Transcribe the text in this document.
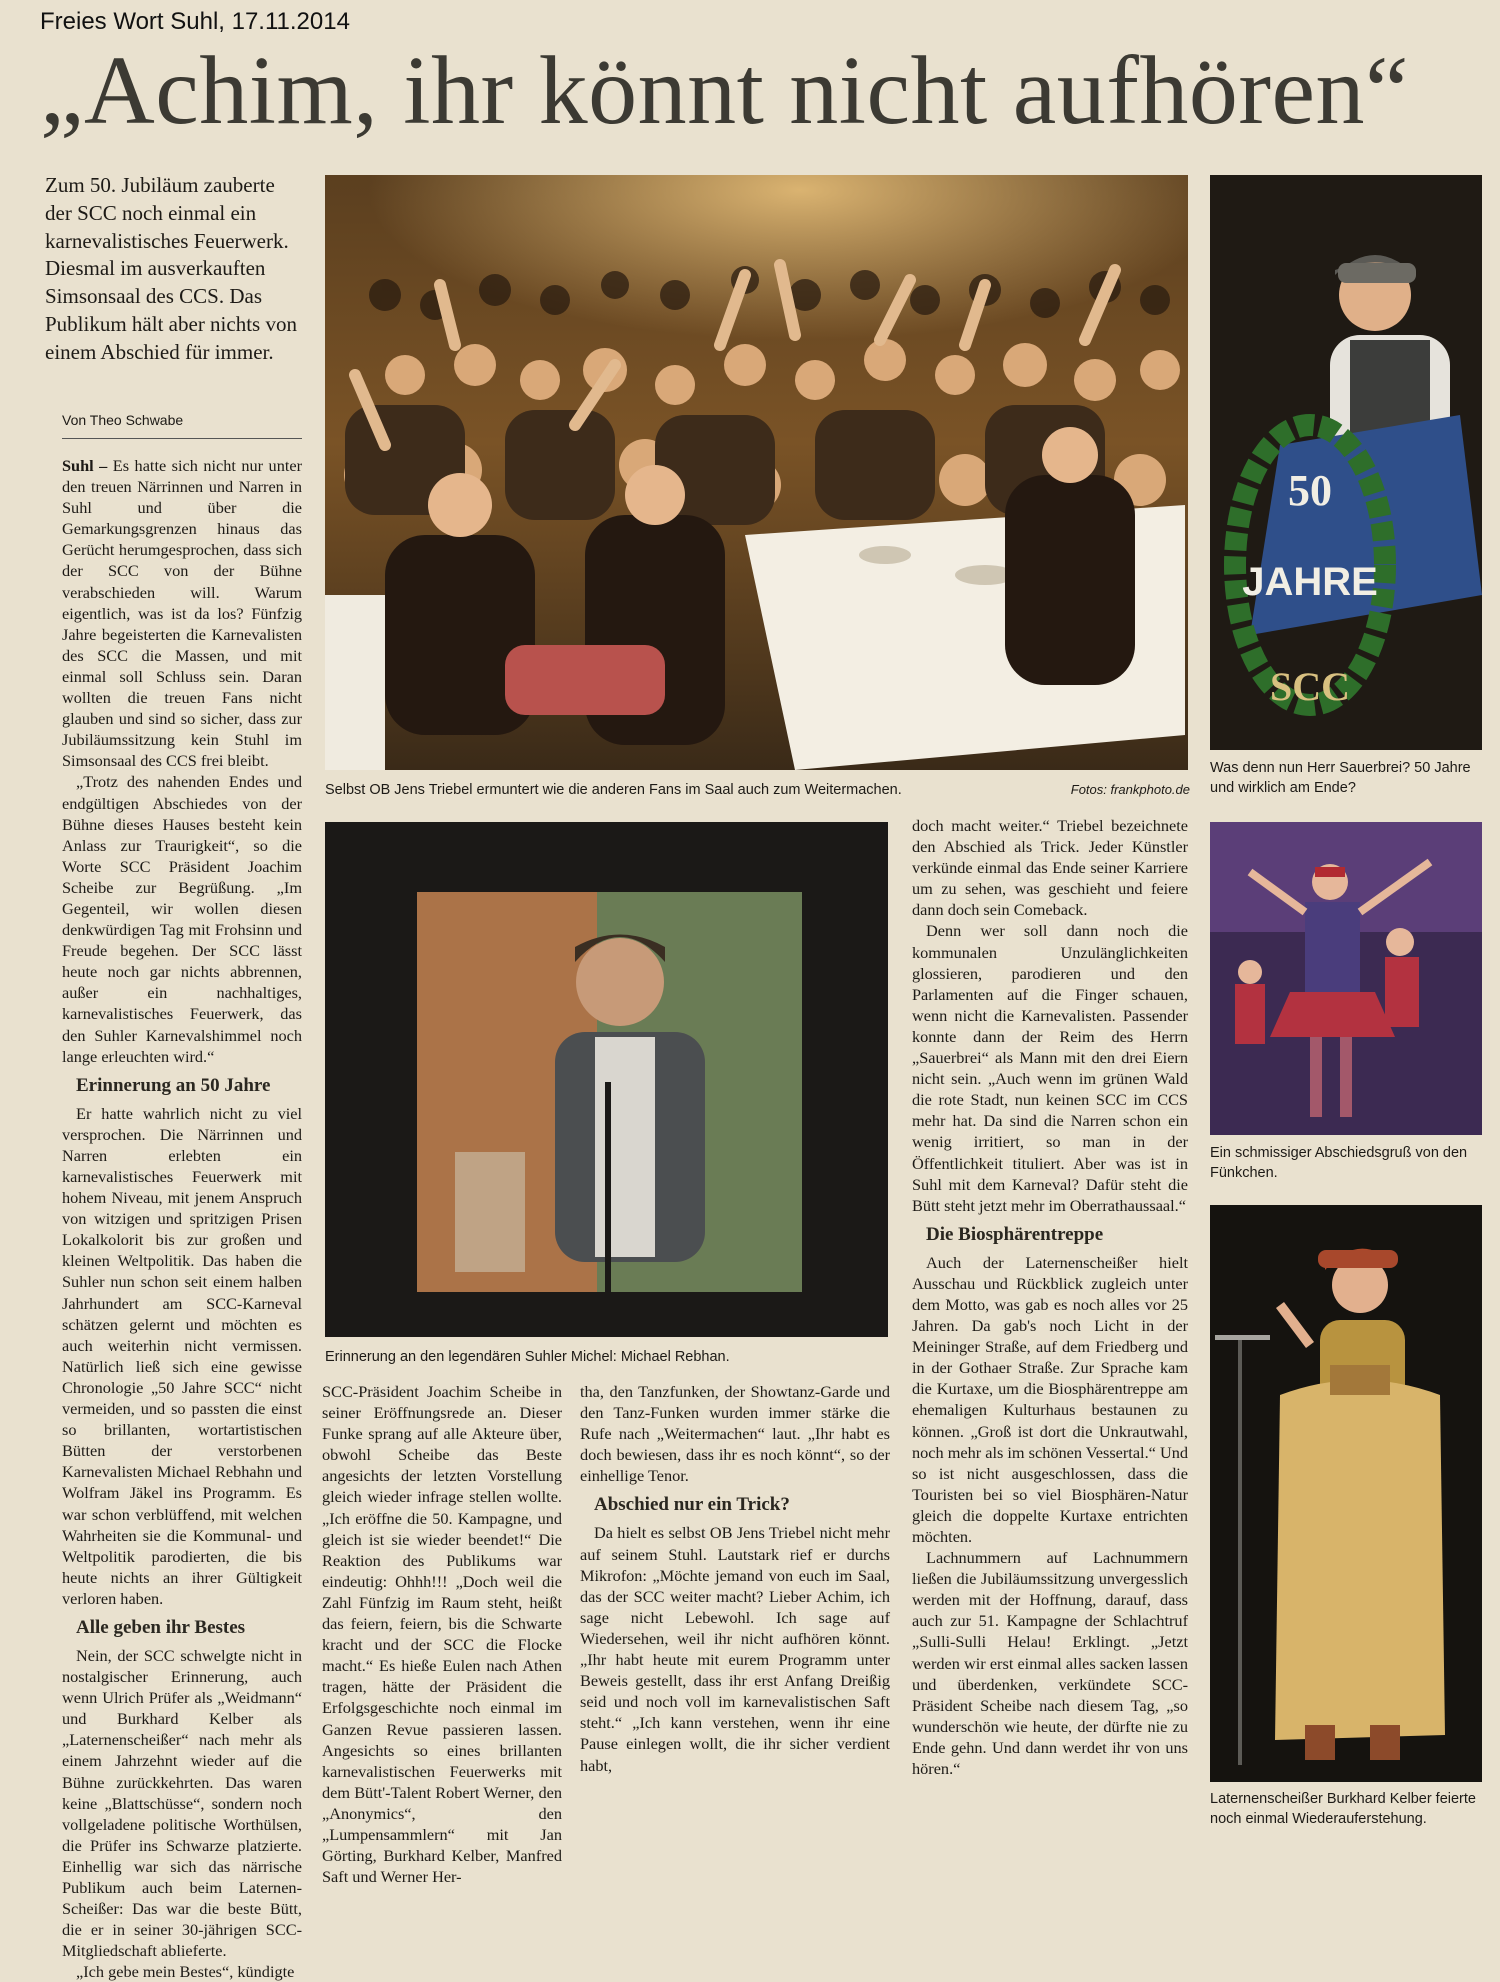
Freies Wort Suhl, 17.11.2014
„Achim, ihr könnt nicht aufhören“

Zum 50. Jubiläum zauberte der SCC noch einmal ein karnevalistisches Feuerwerk. Diesmal im ausverkauften Simsonsaal des CCS. Das Publikum hält aber nichts von einem Abschied für immer.

Von Theo Schwabe

Suhl – Es hatte sich nicht nur unter den treuen Närrinnen und Narren in Suhl und über die Gemarkungsgrenzen hinaus das Gerücht herumgesprochen, dass sich der SCC von der Bühne verabschieden will. Warum eigentlich, was ist da los? Fünfzig Jahre begeisterten die Karnevalisten des SCC die Massen, und mit einmal soll Schluss sein. Daran wollten die treuen Fans nicht glauben und sind so sicher, dass zur Jubiläumssitzung kein Stuhl im Simsonsaal des CCS frei bleibt.

„Trotz des nahenden Endes und endgültigen Abschiedes von der Bühne dieses Hauses besteht kein Anlass zur Traurigkeit“, so die Worte SCC Präsident Joachim Scheibe zur Begrüßung. „Im Gegenteil, wir wollen diesen denkwürdigen Tag mit Frohsinn und Freude begehen. Der SCC lässt heute noch gar nichts abbrennen, außer ein nachhaltiges, karnevalistisches Feuerwerk, das den Suhler Karnevalshimmel noch lange erleuchten wird.“

Erinnerung an 50 Jahre

Er hatte wahrlich nicht zu viel versprochen. Die Närrinnen und Narren erlebten ein karnevalistisches Feuerwerk mit hohem Niveau, mit jenem Anspruch von witzigen und spritzigen Prisen Lokalkolorit bis zur großen und kleinen Weltpolitik. Das haben die Suhler nun schon seit einem halben Jahrhundert am SCC-Karneval schätzen gelernt und möchten es auch weiterhin nicht vermissen. Natürlich ließ sich eine gewisse Chronologie „50 Jahre SCC“ nicht vermeiden, und so passten die einst so brillanten, wortartistischen Bütten der verstorbenen Karnevalisten Michael Rebhahn und Wolfram Jäkel ins Programm. Es war schon verblüffend, mit welchen Wahrheiten sie die Kommunal- und Weltpolitik parodierten, die bis heute nichts an ihrer Gültigkeit verloren haben.

Alle geben ihr Bestes

Nein, der SCC schwelgte nicht in nostalgischer Erinnerung, auch wenn Ulrich Prüfer als „Weidmann“ und Burkhard Kelber als „Laternenscheißer“ nach mehr als einem Jahrzehnt wieder auf die Bühne zurückkehrten. Das waren keine „Blattschüsse“, sondern noch vollgeladene politische Worthülsen, die Prüfer ins Schwarze platzierte. Einhellig war sich das närrische Publikum auch beim Laternen-Scheißer: Das war die beste Bütt, die er in seiner 30-jährigen SCC-Mitgliedschaft ablieferte.

„Ich gebe mein Bestes“, kündigte

Selbst OB Jens Triebel ermuntert wie die anderen Fans im Saal auch zum Weitermachen.	Fotos: frankphoto.de
50
JAHRE
SCC
Was denn nun Herr Sauerbrei? 50 Jahre und wirklich am Ende?
Erinnerung an den legendären Suhler Michel: Michael Rebhan.
Ein schmissiger Abschiedsgruß von den Fünkchen.
Laternenscheißer Burkhard Kelber feierte noch einmal Wiederauferstehung.

SCC-Präsident Joachim Scheibe in seiner Eröffnungsrede an. Dieser Funke sprang auf alle Akteure über, obwohl Scheibe das Beste angesichts der letzten Vorstellung gleich wieder infrage stellen wollte. „Ich eröffne die 50. Kampagne, und gleich ist sie wieder beendet!“ Die Reaktion des Publikums war eindeutig: Ohhh!!! „Doch weil die Zahl Fünfzig im Raum steht, heißt das feiern, feiern, bis die Schwarte kracht und der SCC die Flocke macht.“ Es hieße Eulen nach Athen tragen, hätte der Präsident die Erfolgsgeschichte noch einmal im Ganzen Revue passieren lassen. Angesichts so eines brillanten karnevalistischen Feuerwerks mit dem Bütt'-Talent Robert Werner, den „Anonymics“, den „Lumpensammlern“ mit Jan Görting, Burkhard Kelber, Manfred Saft und Werner Her-

tha, den Tanzfunken, der Showtanz-Garde und den Tanz-Funken wurden immer stärke die Rufe nach „Weitermachen“ laut. „Ihr habt es doch bewiesen, dass ihr es noch könnt“, so der einhellige Tenor.

Abschied nur ein Trick?

Da hielt es selbst OB Jens Triebel nicht mehr auf seinem Stuhl. Lautstark rief er durchs Mikrofon: „Möchte jemand von euch im Saal, das der SCC weiter macht? Lieber Achim, ich sage nicht Lebewohl. Ich sage auf Wiedersehen, weil ihr nicht aufhören könnt. „Ihr habt heute mit eurem Programm unter Beweis gestellt, dass ihr erst Anfang Dreißig seid und noch voll im karnevalistischen Saft steht.“ „Ich kann verstehen, wenn ihr eine Pause einlegen wollt, die ihr sicher verdient habt,

doch macht weiter.“ Triebel bezeichnete den Abschied als Trick. Jeder Künstler verkünde einmal das Ende seiner Karriere um zu sehen, was geschieht und feiere dann doch sein Comeback.

Denn wer soll dann noch die kommunalen Unzulänglichkeiten glossieren, parodieren und den Parlamenten auf die Finger schauen, wenn nicht die Karnevalisten. Passender konnte dann der Reim des Herrn „Sauerbrei“ als Mann mit den drei Eiern nicht sein. „Auch wenn im grünen Wald die rote Stadt, nun keinen SCC im CCS mehr hat. Da sind die Narren schon ein wenig irritiert, so man in der Öffentlichkeit tituliert. Aber was ist in Suhl mit dem Karneval? Dafür steht die Bütt steht jetzt mehr im Oberrathaussaal.“

Die Biosphärentreppe

Auch der Laternenscheißer hielt Ausschau und Rückblick zugleich unter dem Motto, was gab es noch alles vor 25 Jahren. Da gab's noch Licht in der Meininger Straße, auf dem Friedberg und in der Gothaer Straße. Zur Sprache kam die Kurtaxe, um die Biosphärentreppe am ehemaligen Kulturhaus bestaunen zu können. „Groß ist dort die Unkrautwahl, noch mehr als im schönen Vessertal.“ Und so ist nicht ausgeschlossen, dass die Touristen bei so viel Biosphären-Natur gleich die doppelte Kurtaxe entrichten möchten.

Lachnummern auf Lachnummern ließen die Jubiläumssitzung unvergesslich werden mit der Hoffnung, darauf, dass auch zur 51. Kampagne der Schlachtruf „Sulli-Sulli Helau! Erklingt. „Jetzt werden wir erst einmal alles sacken lassen und überdenken, verkündete SCC-Präsident Scheibe nach diesem Tag, „so wunderschön wie heute, der dürfte nie zu Ende gehn. Und dann werdet ihr von uns hören.“
